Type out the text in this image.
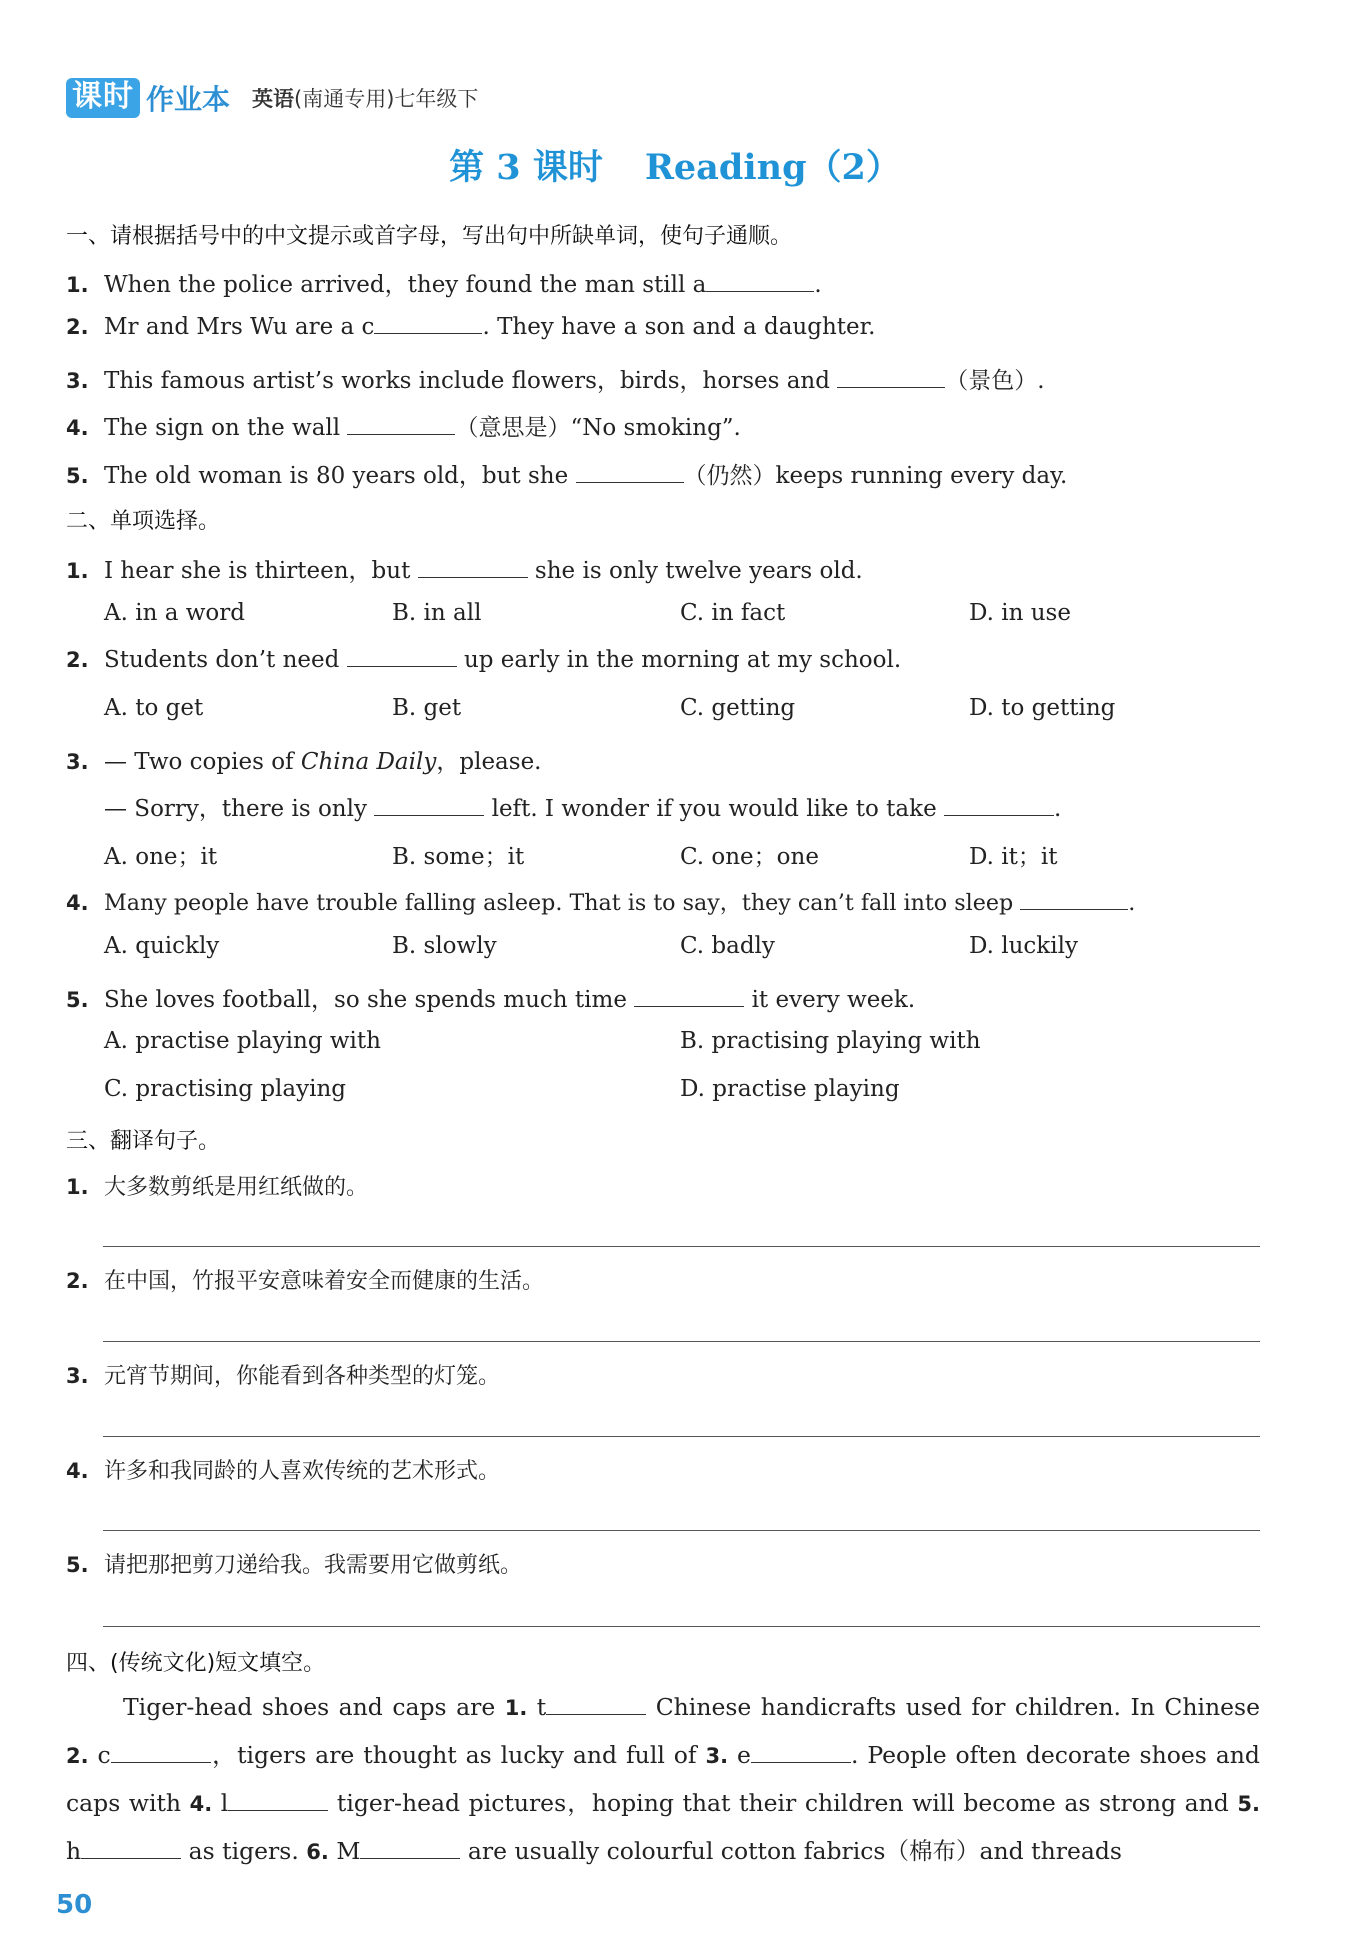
课时 作业本 英语(南通专用)七年级下
第 3 课时 Reading（2）
一、请根据括号中的中文提示或首字母，写出句中所缺单词，使句子通顺。
1. When the police arrived，they found the man still a	.
2. Mr and Mrs Wu are a c	. They have a son and a daughter.
3. This famous artist’s works include flowers，birds，horses and	（景色）.
4. The sign on the wall	（意思是）“No smoking”.
5. The old woman is 80 years old，but she	（仍然）keeps running every day.
二、单项选择。
1. I hear she is thirteen，but	she is only twelve years old.
A. in a word	B. in all	C. in fact	D. in use
2. Students don’t need	up early in the morning at my school.
A. to get	B. get	C. getting	D. to getting
3. — Two copies of China Daily，please.
— Sorry，there is only	left. I wonder if you would like to take	.
A. one；it	B. some；it	C. one；one	D. it；it
4. Many people have trouble falling asleep. That is to say，they can’t fall into sleep	.
A. quickly	B. slowly	C. badly	D. luckily
5. She loves football，so she spends much time	it every week.
A. practise playing with	B. practising playing with
C. practising playing	D. practise playing
三、翻译句子。
1. 大多数剪纸是用红纸做的。
2. 在中国，竹报平安意味着安全而健康的生活。
3. 元宵节期间，你能看到各种类型的灯笼。
4. 许多和我同龄的人喜欢传统的艺术形式。
5. 请把那把剪刀递给我。我需要用它做剪纸。
四、(传统文化)短文填空。
Tiger-head shoes and caps are 1. t	Chinese handicrafts used for children. In Chinese 2. c	，tigers are thought as lucky and full of 3. e	. People often decorate shoes and caps with 4. l	tiger-head pictures，hoping that their children will become as strong and 5. h	as tigers. 6. M	are usually colourful cotton fabrics（棉布）and threads
50
